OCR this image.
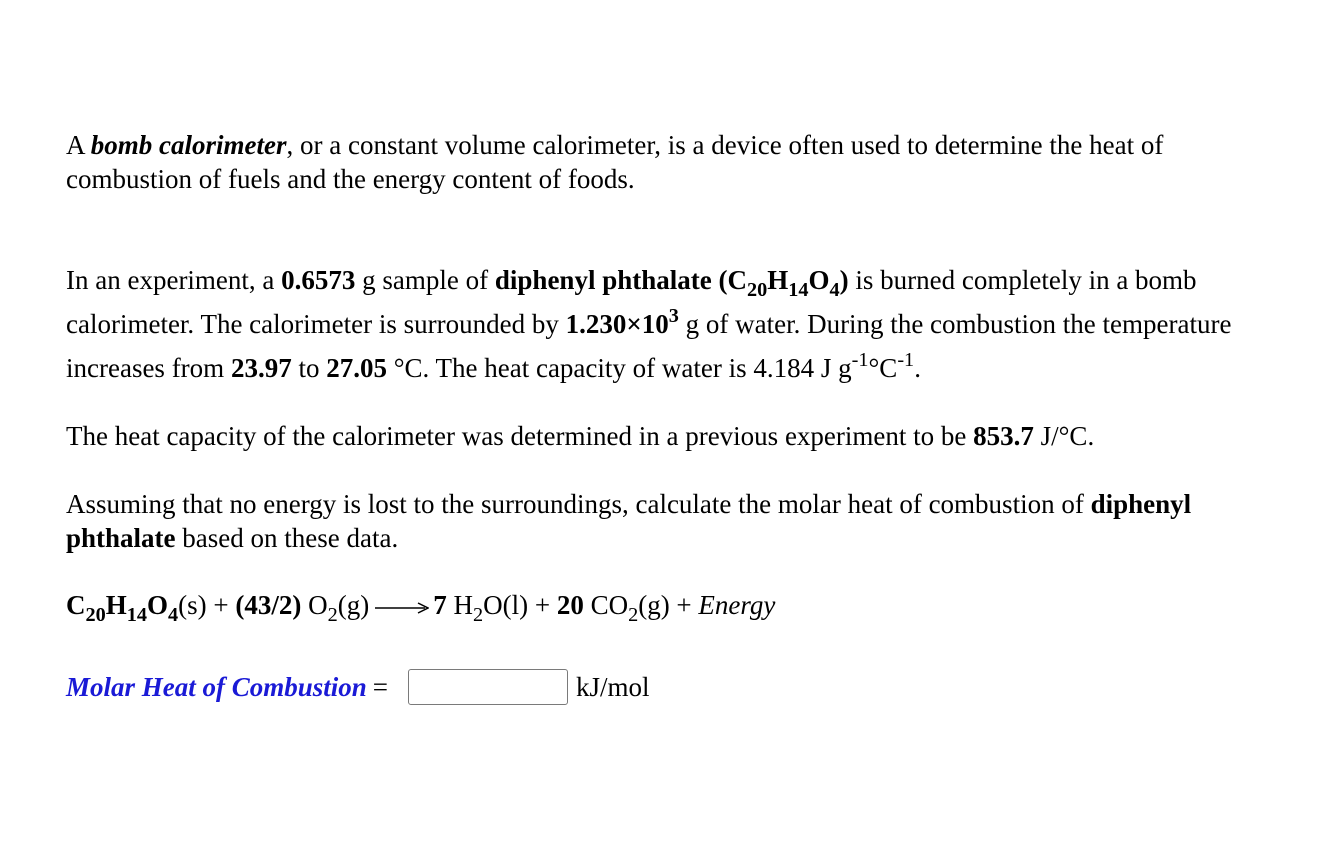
A bomb calorimeter, or a constant volume calorimeter, is a device often used to determine the heat of combustion of fuels and the energy content of foods.
In an experiment, a 0.6573 g sample of diphenyl phthalate $(C_{20}H_{14}O_4)$ is burned completely in a bomb calorimeter. The calorimeter is surrounded by $1.230\times 10^3$ g of water. During the combustion the temperature increases from 23.97 to 27.05 °C. The heat capacity of water is 4.184 J $g^{-1}^\circ C^{-1}$.
The heat capacity of the calorimeter was determined in a previous experiment to be 853.7 J/°C.
Assuming that no energy is lost to the surroundings, calculate the molar heat of combustion of diphenyl phthalate based on these data.
$C_{20}H_{14}O_4(s) + (43/2) O_2(g) \to 7$ $H_2O(l) + 20$ $CO_2(g)$ + Energy
Molar Heat of Combustion =	kJ/mol
